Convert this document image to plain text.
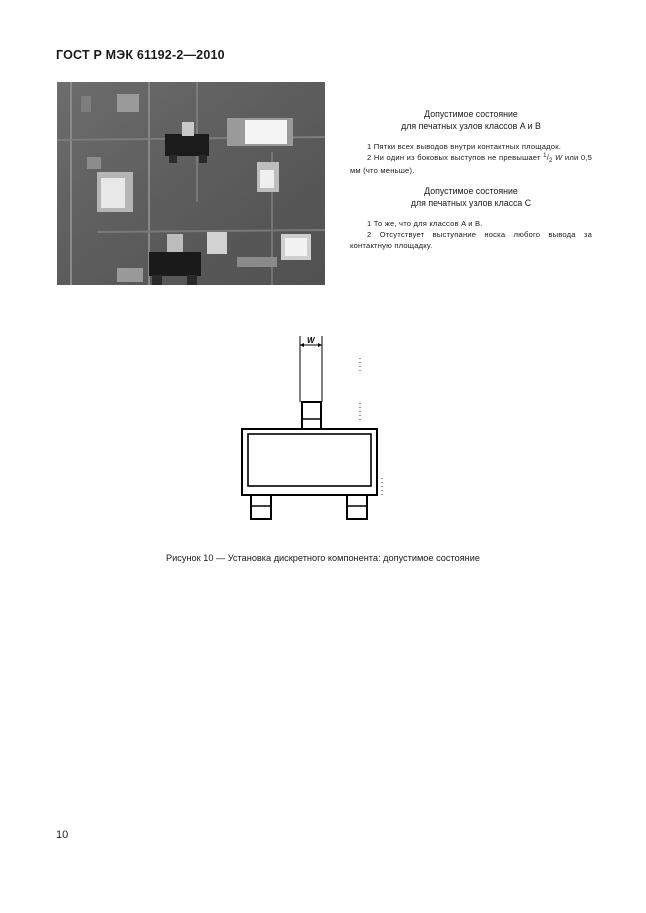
ГОСТ Р МЭК 61192-2—2010
Допустимое состояние
для печатных узлов классов A и B

1 Пятки всех выводов внутри контактных площадок.

2 Ни один из боковых выступов не превышает $^1/_2$ W или 0,5 мм (что меньше).

Допустимое состояние
для печатных узлов класса C

1 То же, что для классов A и B.

2 Отсутствует выступание носка любого вывода за контактную площадку.

W
Рисунок 10 — Установка дискретного компонента: допустимое состояние
10
